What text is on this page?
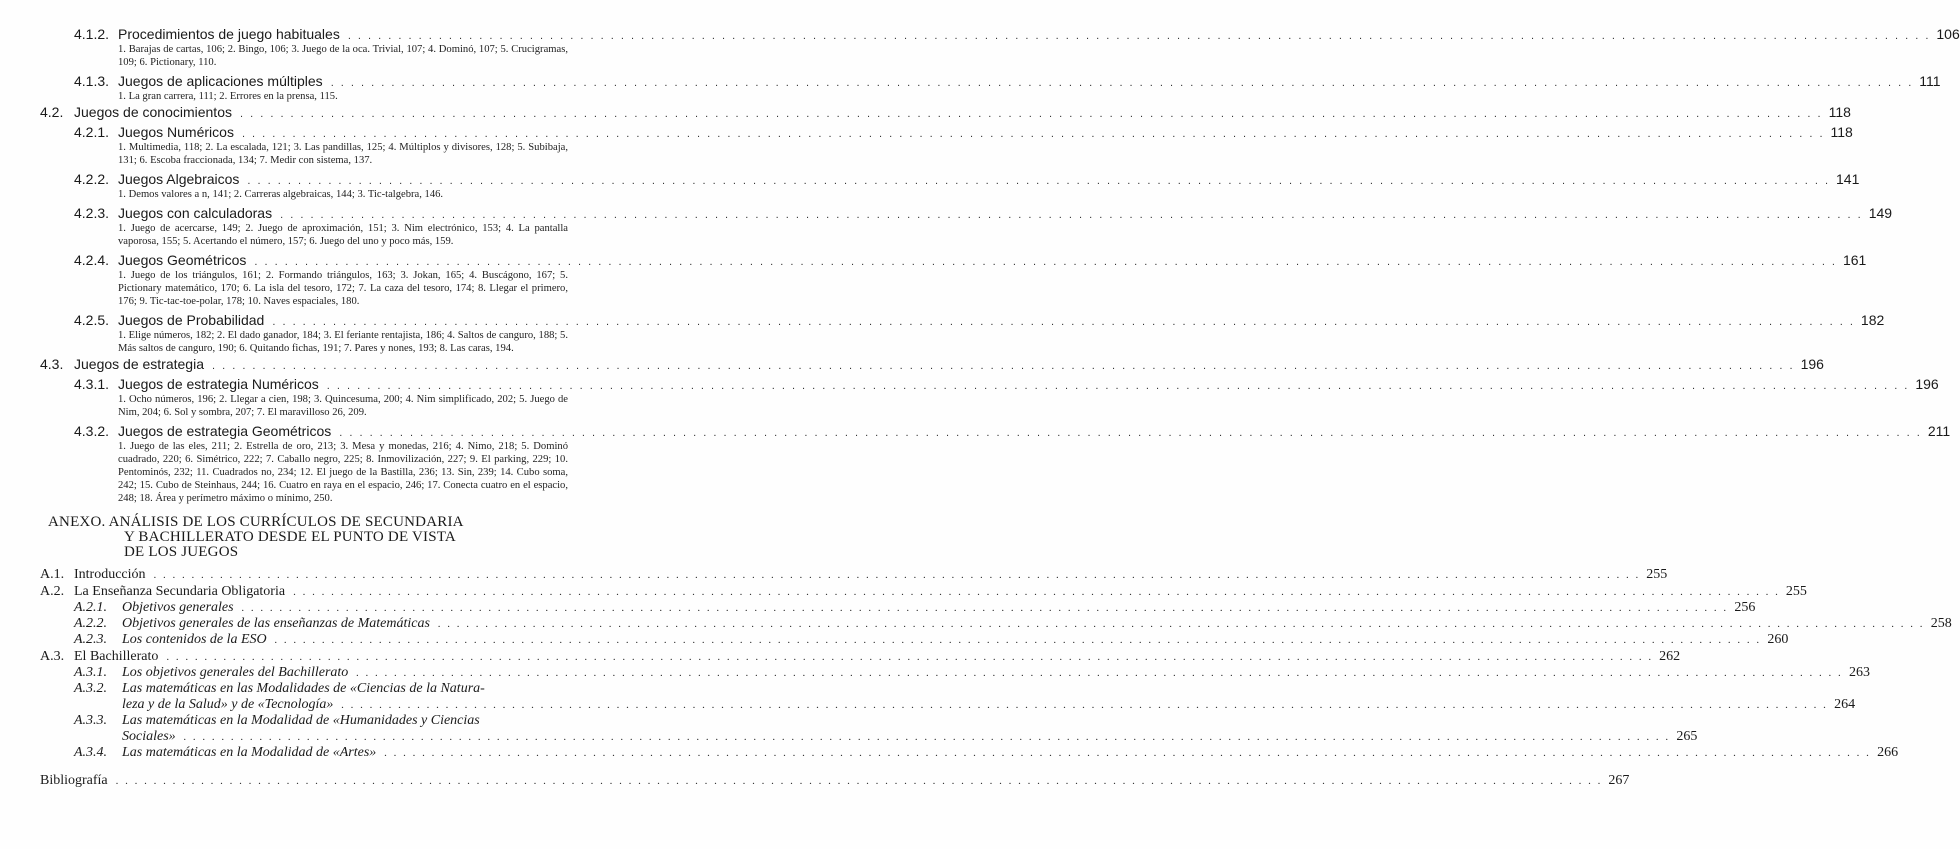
4.1.2. Procedimientos de juego habituales . . .	106
1. Barajas de cartas, 106; 2. Bingo, 106; 3. Juego de la oca. Trivial, 107; 4. Dominó, 107; 5. Crucigramas, 109; 6. Pictionary, 110.
4.1.3. Juegos de aplicaciones múltiples . . .	111
1. La gran carrera, 111; 2. Errores en la prensa, 115.
4.2. Juegos de conocimientos . . .	118
4.2.1. Juegos Numéricos . . .	118
1. Multimedia, 118; 2. La escalada, 121; 3. Las pandillas, 125; 4. Múltiplos y divisores, 128; 5. Subibaja, 131; 6. Escoba fraccionada, 134; 7. Medir con sistema, 137.
4.2.2. Juegos Algebraicos . . .	141
1. Demos valores a n, 141; 2. Carreras algebraicas, 144; 3. Tic-talgebra, 146.
4.2.3. Juegos con calculadoras . . .	149
1. Juego de acercarse, 149; 2. Juego de aproximación, 151; 3. Nim electrónico, 153; 4. La pantalla vaporosa, 155; 5. Acertando el número, 157; 6. Juego del uno y poco más, 159.
4.2.4. Juegos Geométricos . . .	161
1. Juego de los triángulos, 161; 2. Formando triángulos, 163; 3. Jokan, 165; 4. Buscágono, 167; 5. Pictionary matemático, 170; 6. La isla del tesoro, 172; 7. La caza del tesoro, 174; 8. Llegar el primero, 176; 9. Tic-tac-toe-polar, 178; 10. Naves espaciales, 180.
4.2.5. Juegos de Probabilidad . . .	182
1. Elige números, 182; 2. El dado ganador, 184; 3. El feriante rentajista, 186; 4. Saltos de canguro, 188; 5. Más saltos de canguro, 190; 6. Quitando fichas, 191; 7. Pares y nones, 193; 8. Las caras, 194.
4.3. Juegos de estrategia . . .	196
4.3.1. Juegos de estrategia Numéricos . . .	196
1. Ocho números, 196; 2. Llegar a cien, 198; 3. Quincesuma, 200; 4. Nim simplificado, 202; 5. Juego de Nim, 204; 6. Sol y sombra, 207; 7. El maravilloso 26, 209.
4.3.2. Juegos de estrategia Geométricos . . .	211
1. Juego de las eles, 211; 2. Estrella de oro, 213; 3. Mesa y monedas, 216; 4. Nimo, 218; 5. Dominó cuadrado, 220; 6. Simétrico, 222; 7. Caballo negro, 225; 8. Inmovilización, 227; 9. El parking, 229; 10. Pentominós, 232; 11. Cuadrados no, 234; 12. El juego de la Bastilla, 236; 13. Sin, 239; 14. Cubo soma, 242; 15. Cubo de Steinhaus, 244; 16. Cuatro en raya en el espacio, 246; 17. Conecta cuatro en el espacio, 248; 18. Área y perímetro máximo o mínimo, 250.
ANEXO. ANÁLISIS DE LOS CURRÍCULOS DE SECUNDARIA
Y BACHILLERATO DESDE EL PUNTO DE VISTA
DE LOS JUEGOS
A.1. Introducción . . .	255
A.2. La Enseñanza Secundaria Obligatoria . . .	255
A.2.1.	Objetivos generales . . .	256
A.2.2.	Objetivos generales de las enseñanzas de Matemáticas . . .	258
A.2.3.	Los contenidos de la ESO . . .	260
A.3. El Bachillerato . . .	262
A.3.1.	Los objetivos generales del Bachillerato . . .	263
A.3.2.	Las matemáticas en las Modalidades de «Ciencias de la Natura-
leza y de la Salud» y de «Tecnología» . . .	264
A.3.3.	Las matemáticas en la Modalidad de «Humanidades y Ciencias
Sociales» . . .	265
A.3.4.	Las matemáticas en la Modalidad de «Artes» . . .	266
Bibliografía . . .	267
